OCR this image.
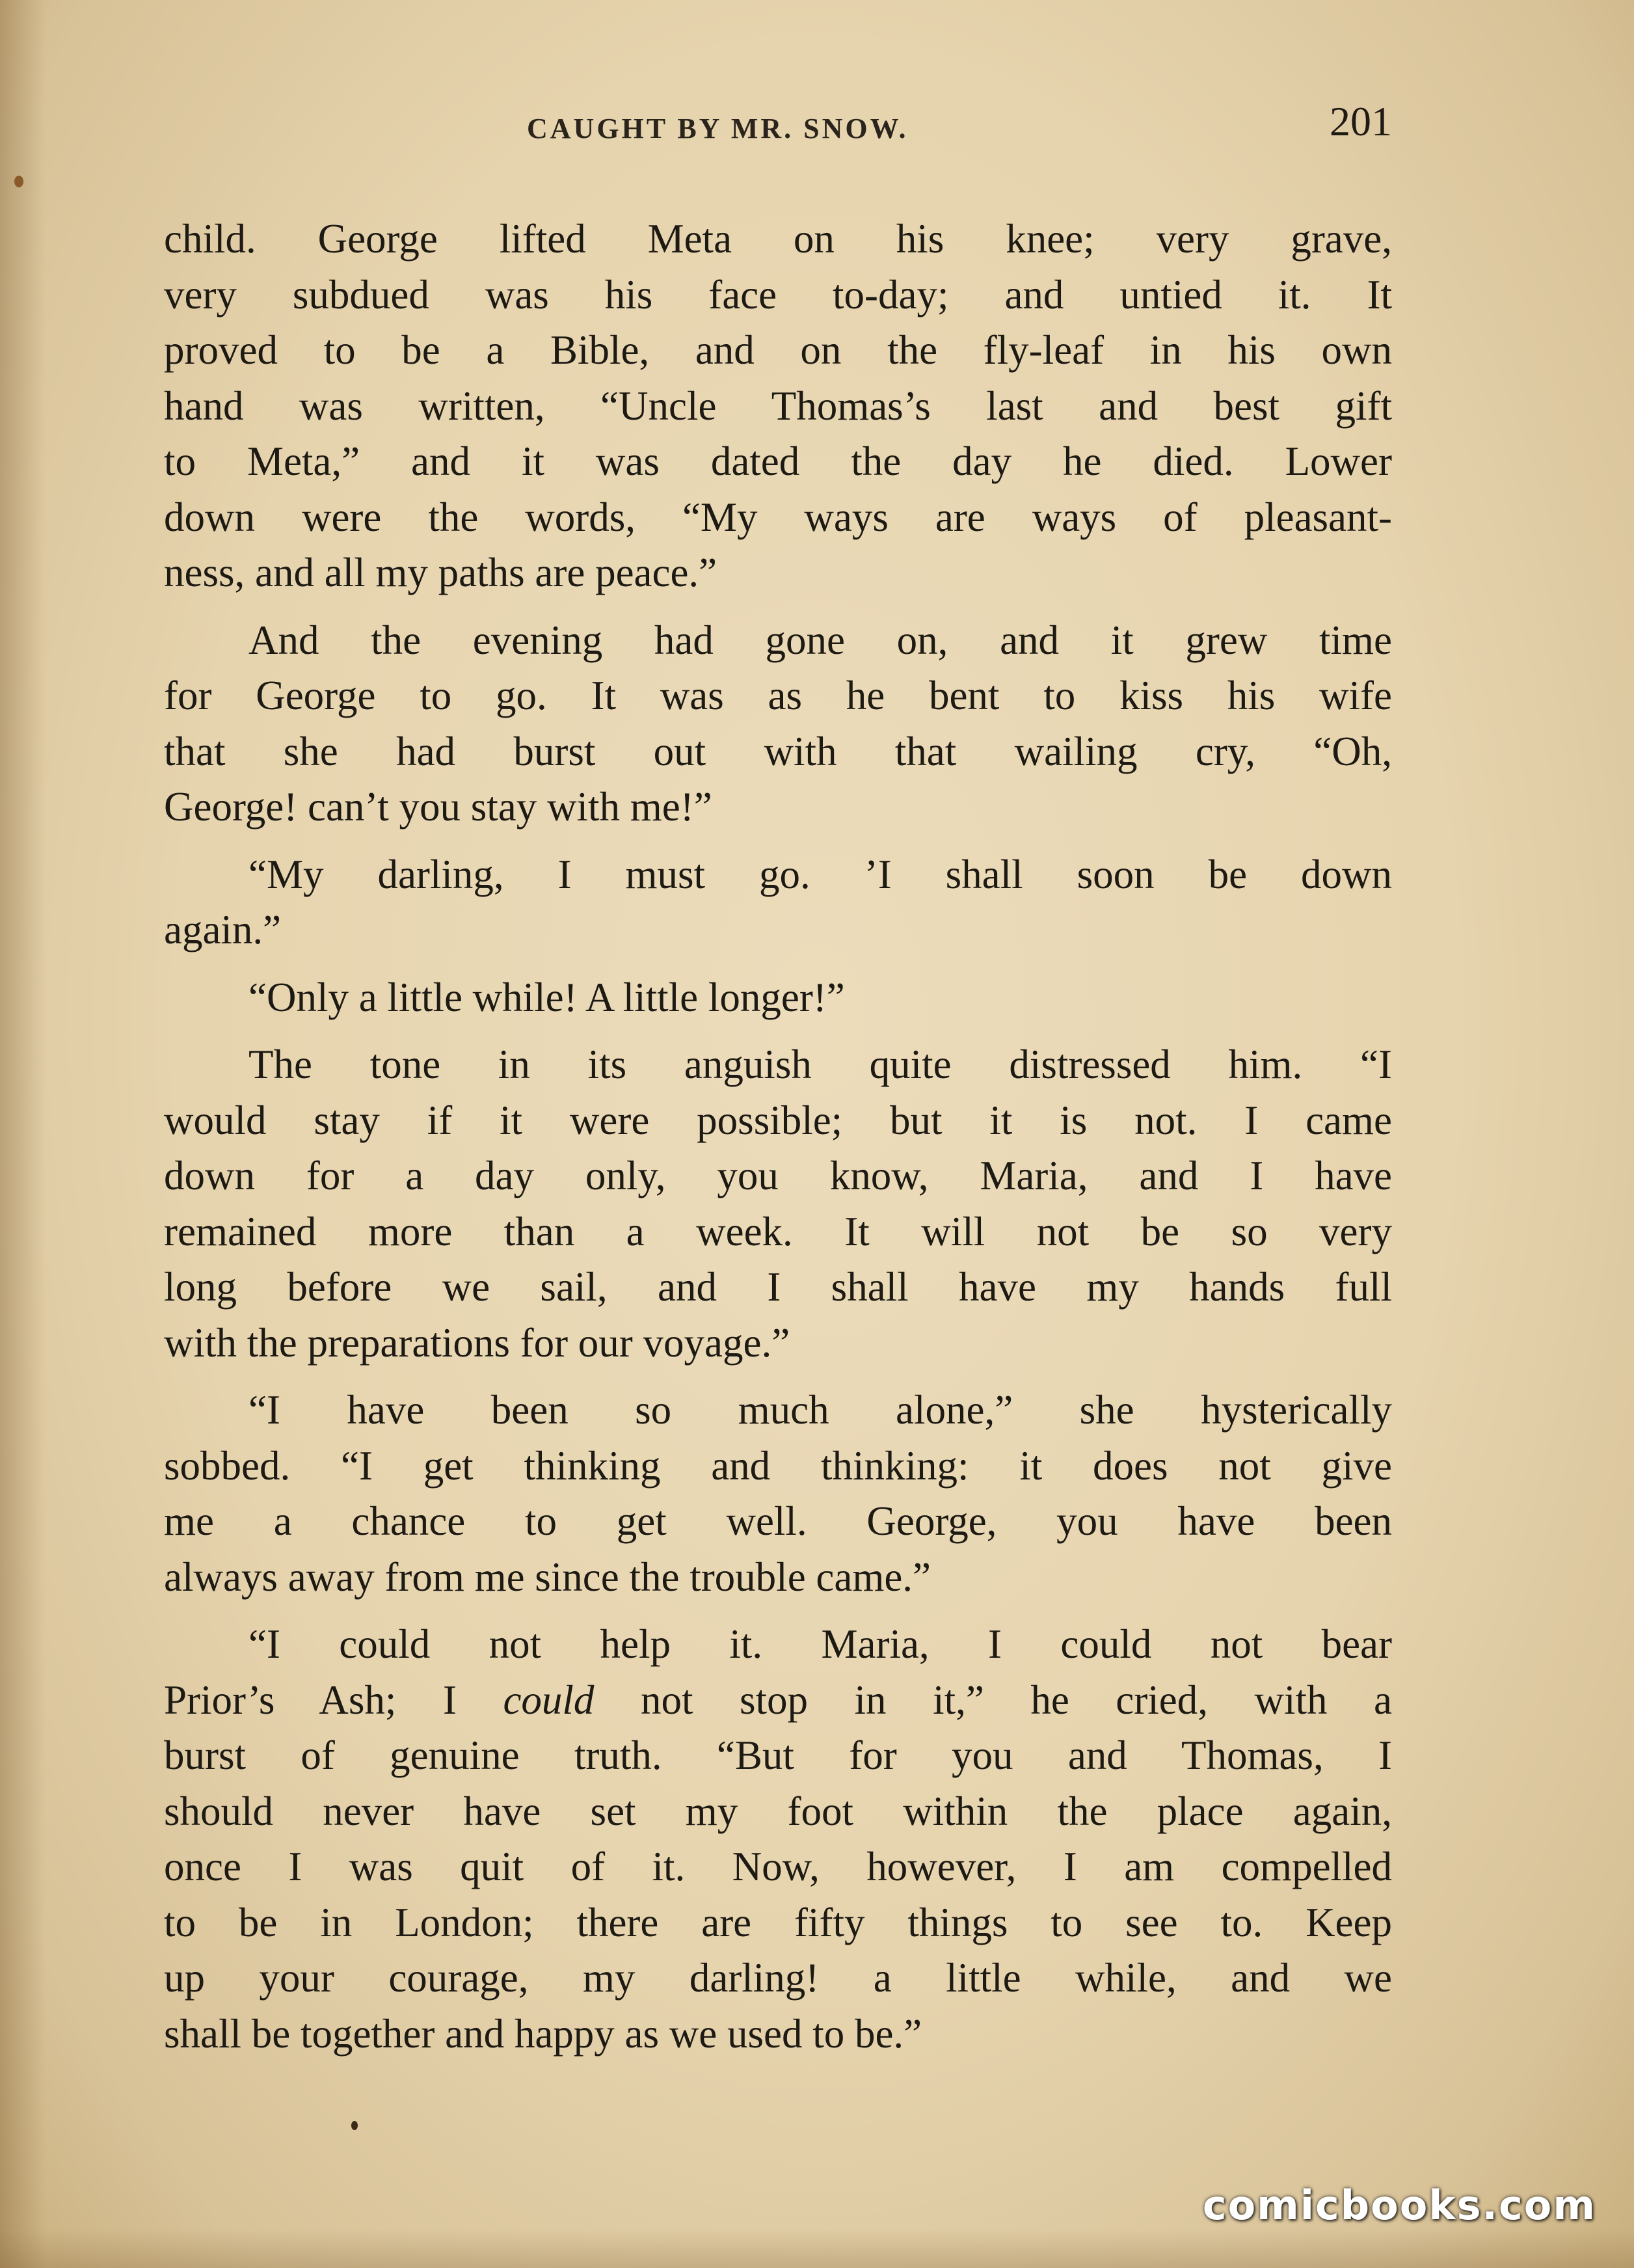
CAUGHT BY MR. SNOW.	201
child. George lifted Meta on his knee; very grave,
very subdued was his face to-day; and untied it. It
proved to be a Bible, and on the fly-leaf in his own
hand was written, “Uncle Thomas’s last and best gift
to Meta,” and it was dated the day he died. Lower
down were the words, “My ways are ways of pleasant-
ness, and all my paths are peace.”
And the evening had gone on, and it grew time
for George to go. It was as he bent to kiss his wife
that she had burst out with that wailing cry, “Oh,
George! can’t you stay with me!”
“My darling, I must go. ’I shall soon be down
again.”
“Only a little while! A little longer!”
The tone in its anguish quite distressed him. “I
would stay if it were possible; but it is not. I came
down for a day only, you know, Maria, and I have
remained more than a week. It will not be so very
long before we sail, and I shall have my hands full
with the preparations for our voyage.”
“I have been so much alone,” she hysterically
sobbed. “I get thinking and thinking: it does not give
me a chance to get well. George, you have been
always away from me since the trouble came.”
“I could not help it. Maria, I could not bear
Prior’s Ash; I could not stop in it,” he cried, with a
burst of genuine truth. “But for you and Thomas, I
should never have set my foot within the place again,
once I was quit of it. Now, however, I am compelled
to be in London; there are fifty things to see to. Keep
up your courage, my darling! a little while, and we
shall be together and happy as we used to be.”
comicbooks.com
